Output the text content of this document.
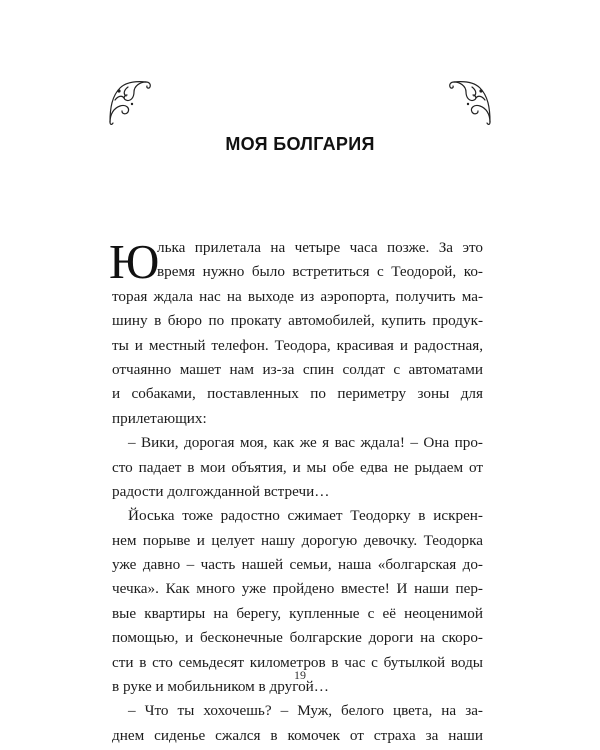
МОЯ БОЛГАРИЯ
Ю
лька прилетала на четыре часа позже. За это
время нужно было встретиться с Теодорой, ко-
торая ждала нас на выходе из аэропорта, получить ма-
шину в бюро по прокату автомобилей, купить продук-
ты и местный телефон. Теодора, красивая и радостная,
отчаянно машет нам из-за спин солдат с автоматами
и собаками, поставленных по периметру зоны для
прилетающих:
– Вики, дорогая моя, как же я вас ждала! – Она про-
сто падает в мои объятия, и мы обе едва не рыдаем от
радости долгожданной встречи…
Йоська тоже радостно сжимает Теодорку в искрен-
нем порыве и целует нашу дорогую девочку. Теодорка
уже давно – часть нашей семьи, наша «болгарская до-
чечка». Как много уже пройдено вместе! И наши пер-
вые квартиры на берегу, купленные с её неоценимой
помощью, и бесконечные болгарские дороги на скоро-
сти в сто семьдесят километров в час с бутылкой воды
в руке и мобильником в другой…
– Что ты хохочешь? – Муж, белого цвета, на за-
днем сиденье сжался в комочек от страха за наши
19
